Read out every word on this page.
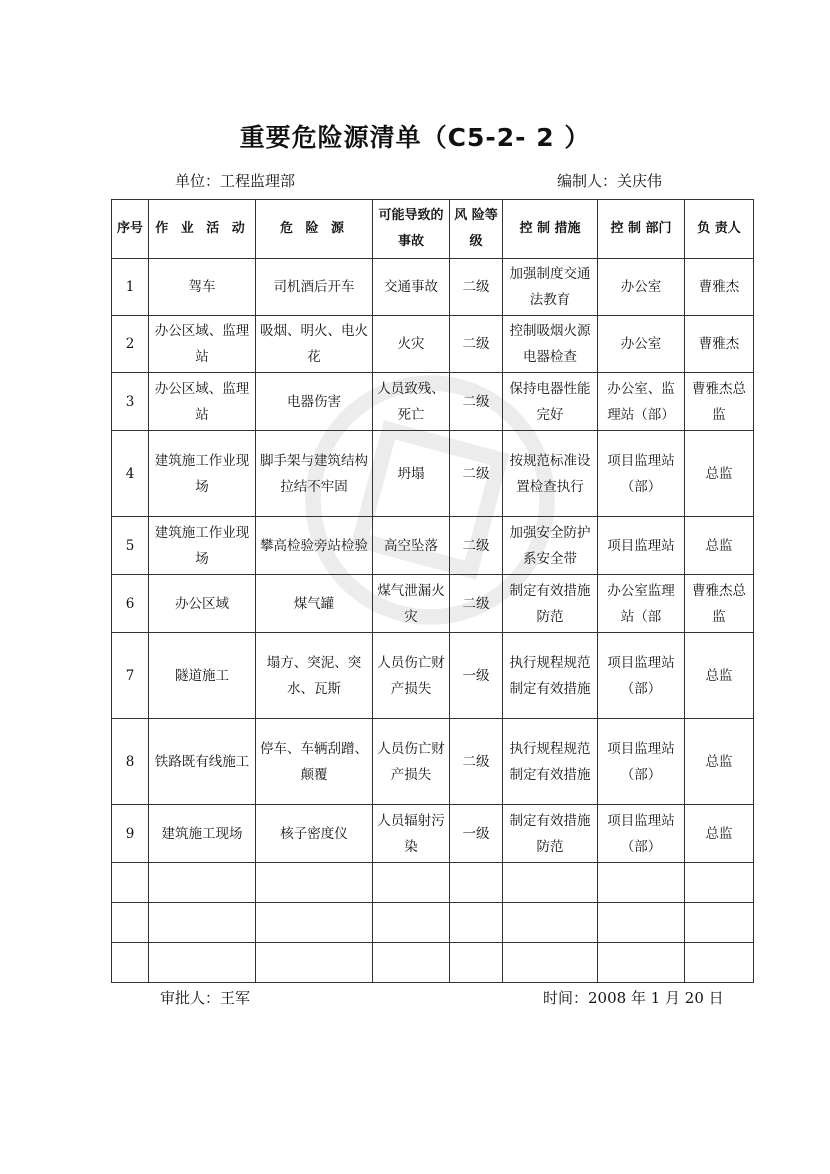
重要危险源清单（C5-2- 2 ）
单位：工程监理部	编制人：关庆伟
序号	作 业 活 动	危 险 源	可能导致的事故	风 险等 级	控 制 措施	控 制 部门	负 责人
1	驾车	司机酒后开车	交通事故	二级	加强制度交通法教育	办公室	曹雅杰
2	办公区域、监理站	吸烟、明火、电火花	火灾	二级	控制吸烟火源电器检查	办公室	曹雅杰
3	办公区域、监理站	电器伤害	人员致残、死亡	二级	保持电器性能完好	办公室、监理站（部）	曹雅杰总监
4	建筑施工作业现场	脚手架与建筑结构拉结不牢固	坍塌	二级	按规范标准设置检查执行	项目监理站（部）	总监
5	建筑施工作业现场	攀高检验旁站检验	高空坠落	二级	加强安全防护系安全带	项目监理站	总监
6	办公区域	煤气罐	煤气泄漏火灾	二级	制定有效措施防范	办公室监理站（部	曹雅杰总监
7	隧道施工	塌方、突泥、突水、瓦斯	人员伤亡财产损失	一级	执行规程规范制定有效措施	项目监理站（部）	总监
8	铁路既有线施工	停车、车辆刮蹭、颠覆	人员伤亡财产损失	二级	执行规程规范制定有效措施	项目监理站（部）	总监
9	建筑施工现场	核子密度仪	人员辐射污染	一级	制定有效措施防范	项目监理站（部）	总监

审批人：王军	时间：2008 年 1 月 20 日
